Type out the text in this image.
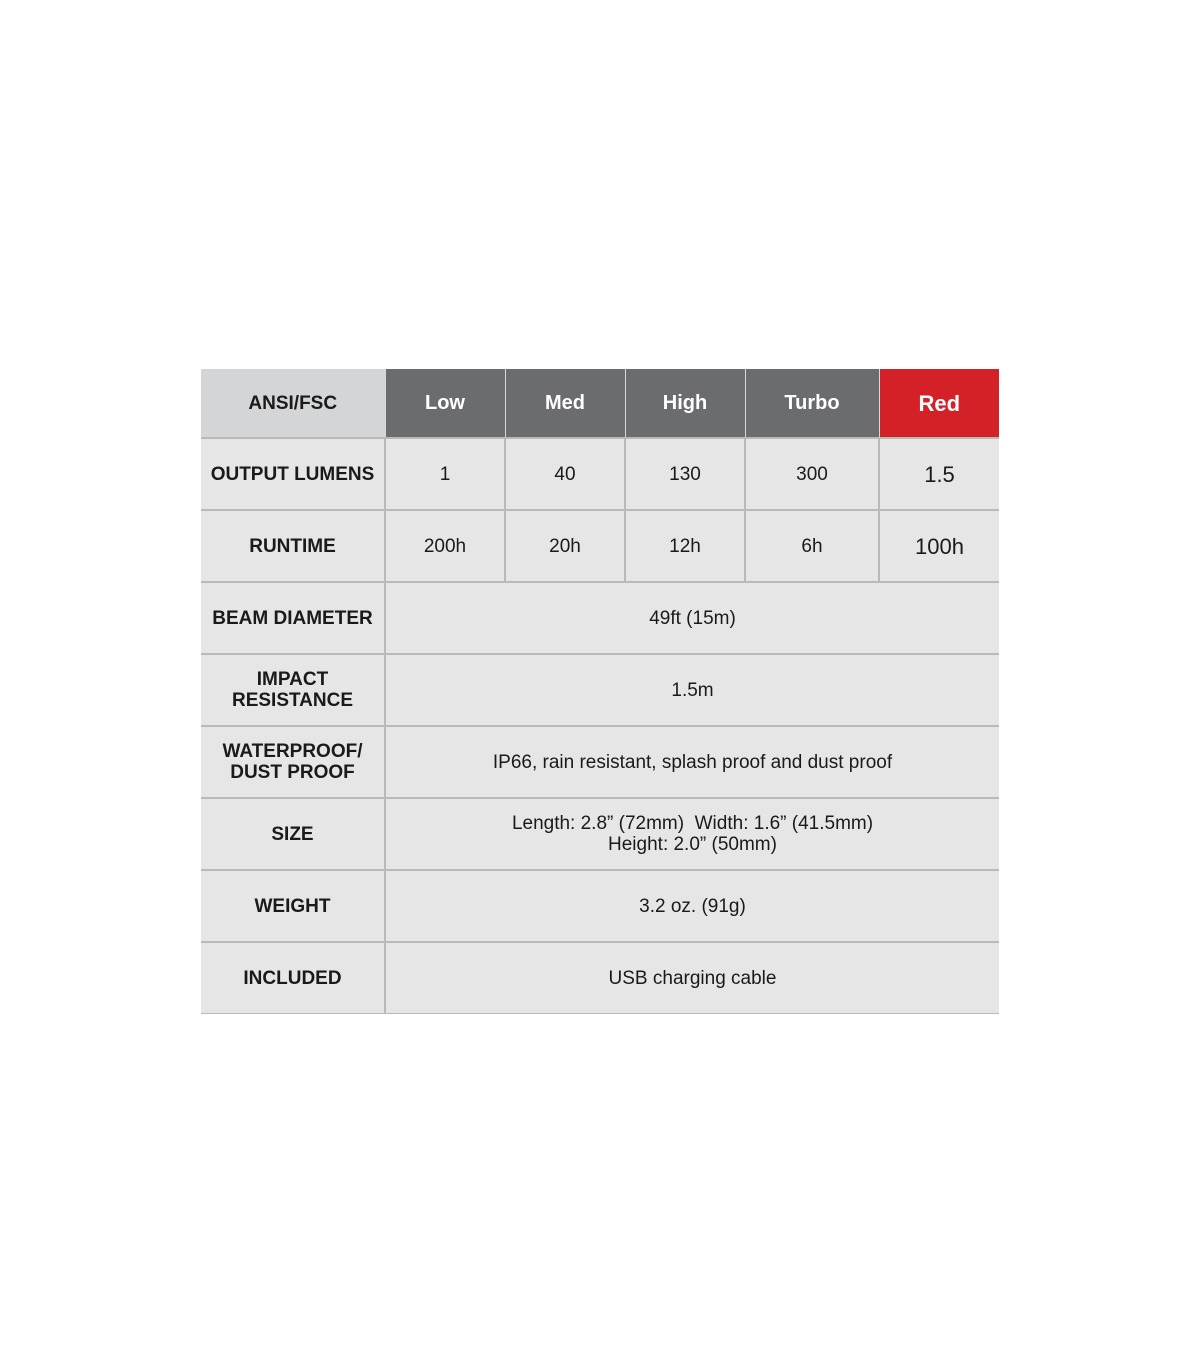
ANSI/FSC	Low	Med	High	Turbo	Red
OUTPUT LUMENS	1	40	130	300	1.5
RUNTIME	200h	20h	12h	6h	100h
BEAM DIAMETER	49ft (15m)				

IMPACT
RESISTANCE	1.5m				

WATERPROOF/
DUST PROOF	IP66, rain resistant, splash proof and dust proof				
SIZE	Length: 2.8” (72mm)  Width: 1.6” (41.5mm)
Height: 2.0” (50mm)				

WEIGHT	3.2 oz. (91g)				
INCLUDED	USB charging cable				
